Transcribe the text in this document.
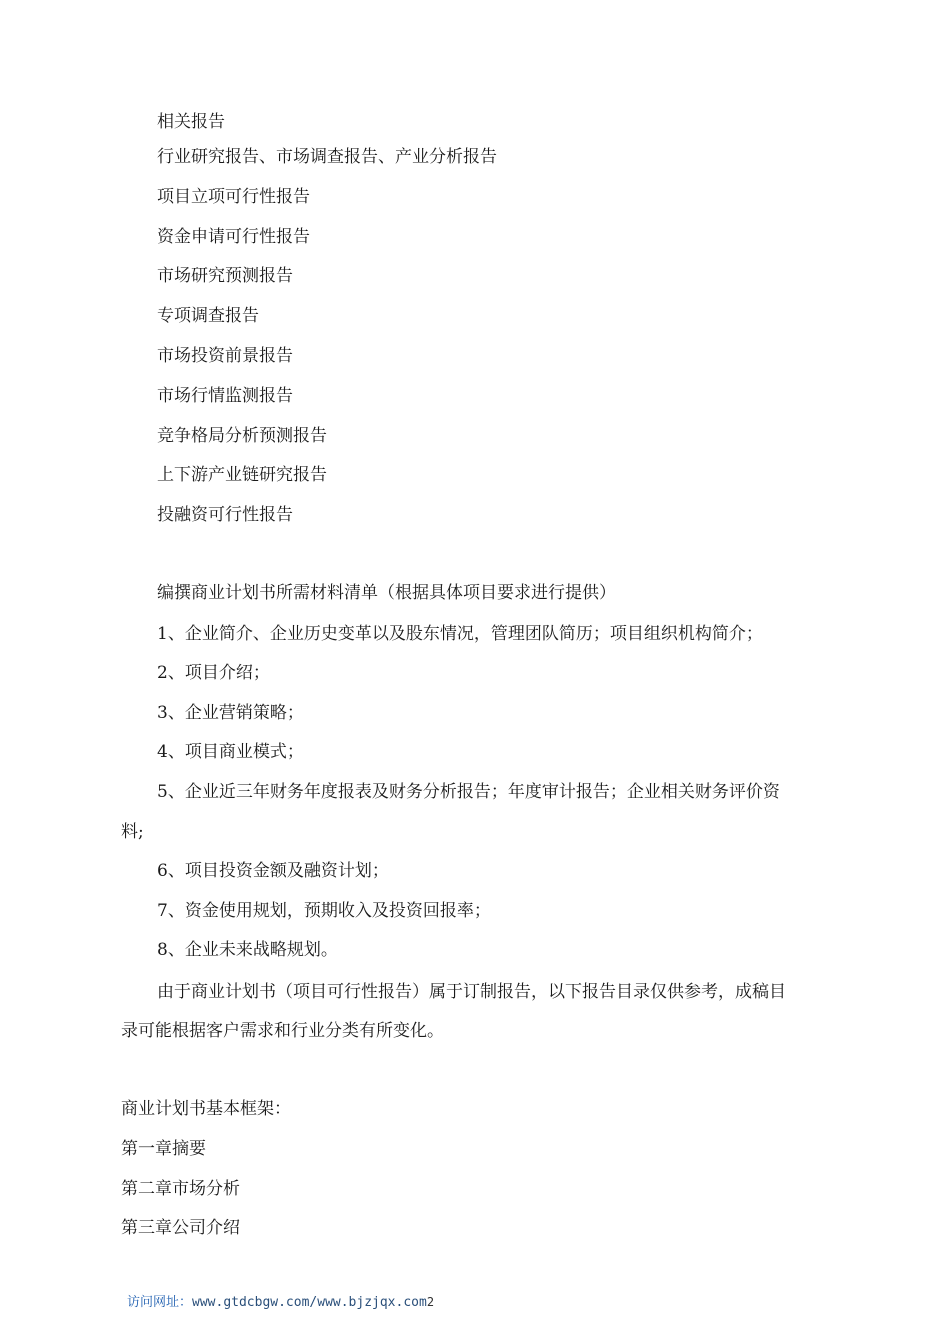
相关报告
行业研究报告、市场调查报告、产业分析报告
项目立项可行性报告
资金申请可行性报告
市场研究预测报告
专项调查报告
市场投资前景报告
市场行情监测报告
竞争格局分析预测报告
上下游产业链研究报告
投融资可行性报告
编撰商业计划书所需材料清单（根据具体项目要求进行提供）
1、企业简介、企业历史变革以及股东情况，管理团队简历；项目组织机构简介；
2、项目介绍；
3、企业营销策略；
4、项目商业模式；
5、企业近三年财务年度报表及财务分析报告；年度审计报告；企业相关财务评价资
料;
6、项目投资金额及融资计划；
7、资金使用规划，预期收入及投资回报率；
8、企业未来战略规划。
由于商业计划书（项目可行性报告）属于订制报告，以下报告目录仅供参考，成稿目
录可能根据客户需求和行业分类有所变化。
商业计划书基本框架：
第一章摘要
第二章市场分析
第三章公司介绍
访问网址：www.gtdcbgw.com/www.bjzjqx.com2
